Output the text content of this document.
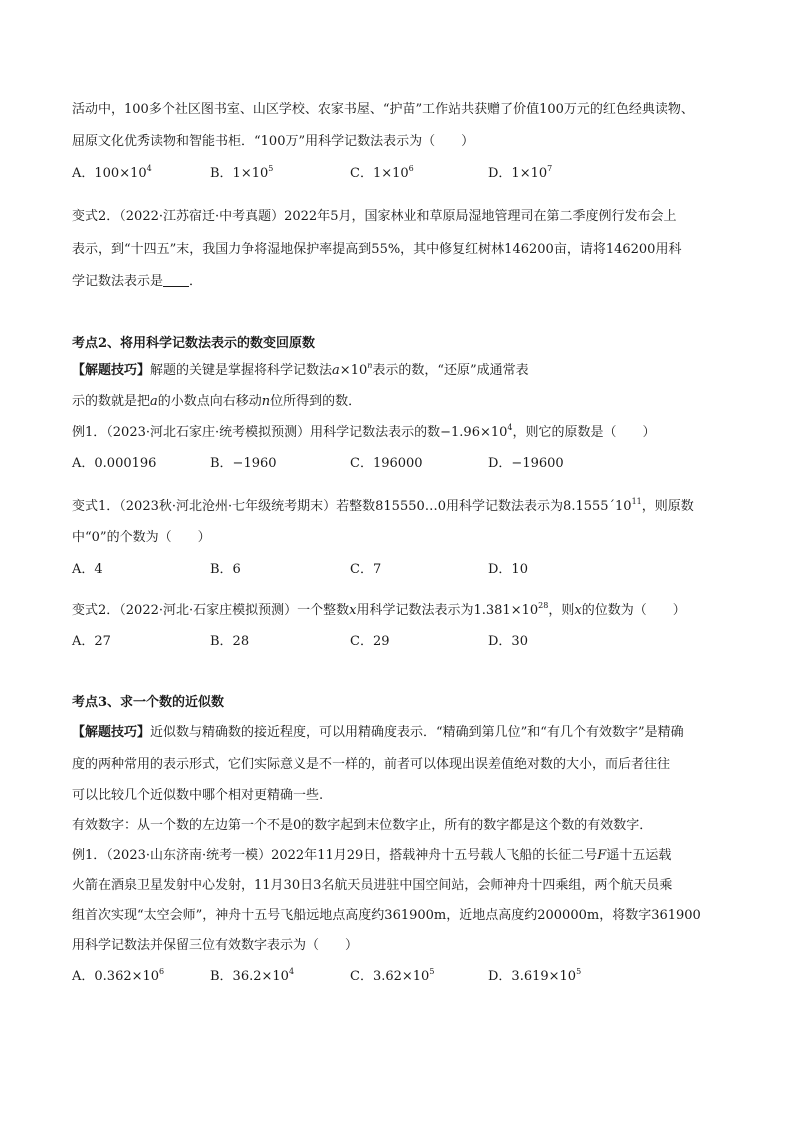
活动中，100多个社区图书室、山区学校、农家书屋、“护苗”工作站共获赠了价值100万元的红色经典读物、
屈原文化优秀读物和智能书柜．“100万”用科学记数法表示为（　　）
A．$100\times 10^4$	B．$1\times 10^5$	C．$1\times 10^6$	D．$1\times 10^7$
变式2．（2022·江苏宿迁·中考真题）2022年5月，国家林业和草原局湿地管理司在第二季度例行发布会上
表示，到“十四五”末，我国力争将湿地保护率提高到55%，其中修复红树林146200亩，请将146200用科
学记数法表示是 ．
考点2、将用科学记数法表示的数变回原数
【解题技巧】解题的关键是掌握将科学记数法$a\times 10^n$表示的数，“还原”成通常表
示的数就是把a的小数点向右移动n位所得到的数．
例1．（2023·河北石家庄·统考模拟预测）用科学记数法表示的数$-1.96\times 10^4$，则它的原数是（　　）
A．0.000196	B．−1960	C．196000	D．−19600
变式1．（2023秋·河北沧州·七年级统考期末）若整数815550…0用科学记数法表示为$8.1555´10^{11}$，则原数
中“0”的个数为（　　）
A．4	B．6	C．7	D．10
变式2．（2022·河北·石家庄模拟预测）一个整数x用科学记数法表示为$1.381\times 10^{28}$，则x的位数为（　　）
A．27	B．28	C．29	D．30
考点3、求一个数的近似数
【解题技巧】近似数与精确数的接近程度，可以用精确度表示．“精确到第几位”和“有几个有效数字”是精确
度的两种常用的表示形式，它们实际意义是不一样的，前者可以体现出误差值绝对数的大小，而后者往往
可以比较几个近似数中哪个相对更精确一些.
有效数字：从一个数的左边第一个不是0的数字起到末位数字止，所有的数字都是这个数的有效数字．
例1．（2023·山东济南·统考一模）2022年11月29日，搭载神舟十五号载人飞船的长征二号F遥十五运载
火箭在酒泉卫星发射中心发射，11月30日3名航天员进驻中国空间站，会师神舟十四乘组，两个航天员乘
组首次实现“太空会师”，神舟十五号飞船远地点高度约361900m，近地点高度约200000m，将数字361900
用科学记数法并保留三位有效数字表示为（　　）
A．$0.362\times 10^6$	B．$36.2\times 10^4$	C．$3.62\times 10^5$	D．$3.619\times 10^5$
